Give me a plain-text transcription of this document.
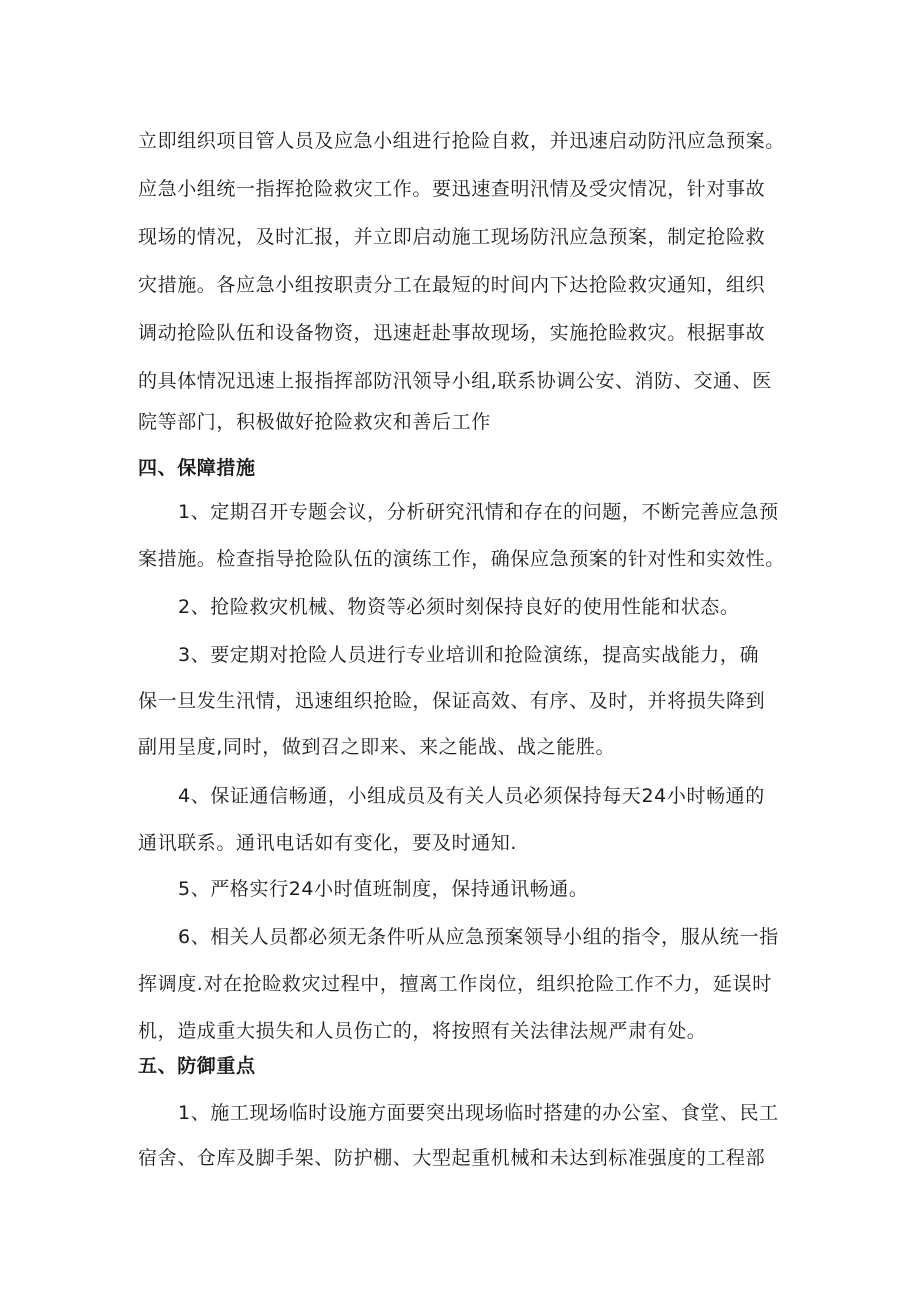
立即组织项目管人员及应急小组进行抢险自救，并迅速启动防汛应急预案。
应急小组统一指挥抢险救灾工作。要迅速查明汛情及受灾情况，针对事故
现场的情况，及时汇报，并立即启动施工现场防汛应急预案，制定抢险救
灾措施。各应急小组按职责分工在最短的时间内下达抢险救灾通知，组织
调动抢险队伍和设备物资，迅速赶赴事故现场，实施抢睑救灾。根据事故
的具体情况迅速上报指挥部防汛领导小组,联系协调公安、消防、交通、医
院等部门，积极做好抢险救灾和善后工作
四、保障措施
1、定期召开专题会议，分析研究汛情和存在的问题，不断完善应急预
案措施。检查指导抢险队伍的演练工作，确保应急预案的针对性和实效性。
2、抢险救灾机械、物资等必须时刻保持良好的使用性能和状态。
3、要定期对抢险人员进行专业培训和抢险演练，提高实战能力，确
保一旦发生汛情，迅速组织抢睑，保证高效、有序、及时，并将损失降到
副用呈度,同时，做到召之即来、来之能战、战之能胜。
4、保证通信畅通，小组成员及有关人员必须保持每天24小时畅通的
通讯联系。通讯电话如有变化，要及时通知.
5、严格实行24小时值班制度，保持通讯畅通。
6、相关人员都必须无条件听从应急预案领导小组的指令，服从统一指
挥调度.对在抢睑救灾过程中，擅离工作岗位，组织抢险工作不力，延误时
机，造成重大损失和人员伤亡的，将按照有关法律法规严肃有处。
五、防御重点
1、施工现场临时设施方面要突出现场临时搭建的办公室、食堂、民工
宿舍、仓库及脚手架、防护棚、大型起重机械和未达到标准强度的工程部
